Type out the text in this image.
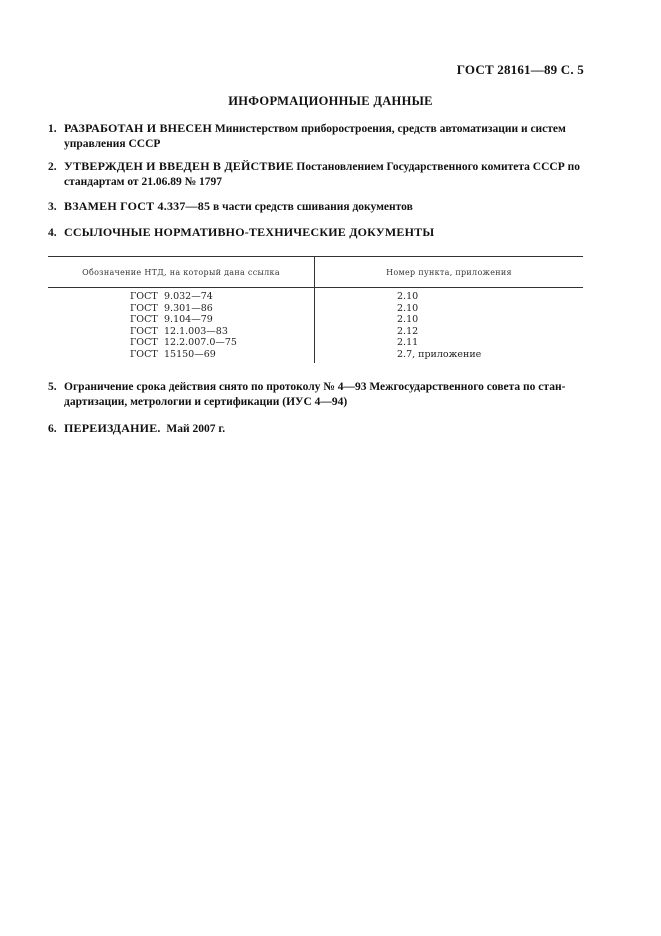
ГОСТ 28161—89 С. 5
ИНФОРМАЦИОННЫЕ ДАННЫЕ
1. РАЗРАБОТАН И ВНЕСЕН Министерством приборостроения, средств автоматизации и систем
управления СССР
2. УТВЕРЖДЕН И ВВЕДЕН В ДЕЙСТВИЕ Постановлением Государственного комитета СССР по
стандартам от 21.06.89 № 1797
3. ВЗАМЕН ГОСТ 4.337—85 в части средств сшивания документов
4. ССЫЛОЧНЫЕ НОРМАТИВНО-ТЕХНИЧЕСКИЕ ДОКУМЕНТЫ
Обозначение НТД, на который дана ссылка	Номер пункта, приложения
ГОСТ 9.032—74	2.10
ГОСТ 9.301—86	2.10
ГОСТ 9.104—79	2.10
ГОСТ 12.1.003—83	2.12
ГОСТ 12.2.007.0—75	2.11
ГОСТ 15150—69	2.7, приложение
5. Ограничение срока действия снято по протоколу № 4—93 Межгосударственного совета по стан-
дартизации, метрологии и сертификации (ИУС 4—94)
6. ПЕРЕИЗДАНИЕ.  Май 2007 г.
